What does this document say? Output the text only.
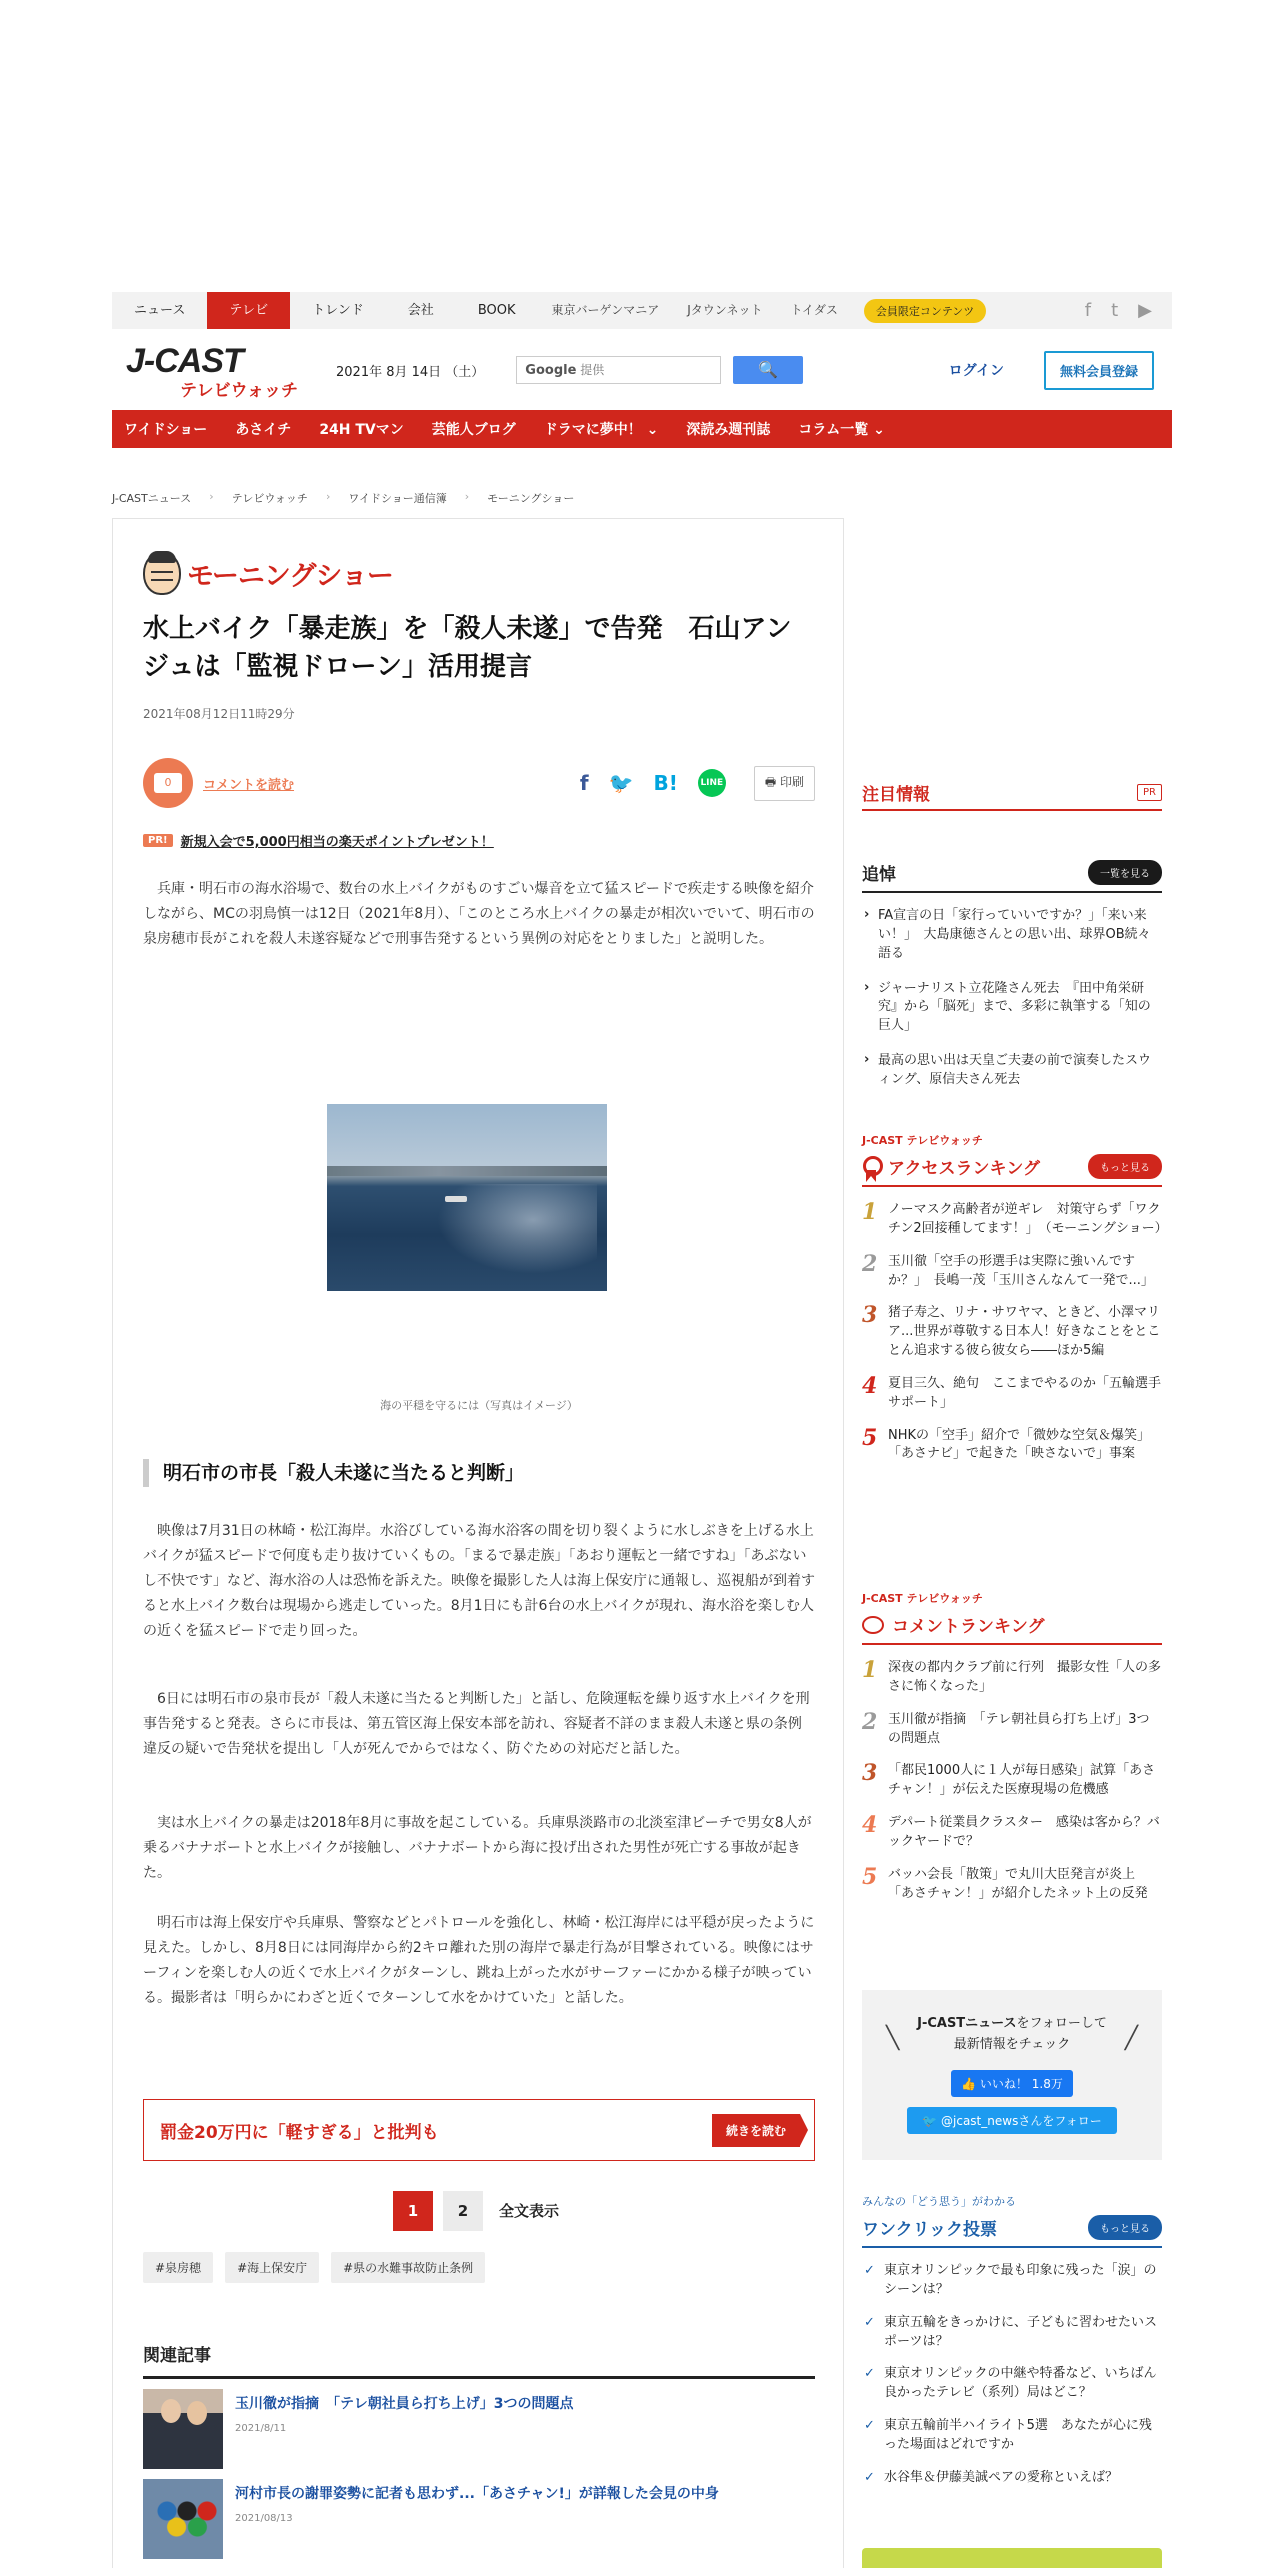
ニュース	テレビ	トレンド	会社	BOOK	東京バーゲンマニア	Jタウンネット	トイダス	会員限定コンテンツ	f t ▶
J-CAST
テレビウォッチ
2021年 8月 14日 （土）	Google 提供	🔍	ログイン	無料会員登録
ワイドショー あさイチ 24H TVマン 芸能人ブログ ドラマに夢中！ ⌄ 深読み週刊誌 コラム一覧 ⌄
J-CASTニュース › テレビウォッチ › ワイドショー通信簿 › モーニングショー
モーニングショー
水上バイク「暴走族」を「殺人未遂」で告発　石山アンジュは「監視ドローン」活用提言
2021年08月12日11時29分
0	コメントを読む	f 🐦 B!	LINE	🖶 印刷
PR!	新規入会で5,000円相当の楽天ポイントプレゼント！

兵庫・明石市の海水浴場で、数台の水上バイクがものすごい爆音を立て猛スピードで疾走する映像を紹介しながら、MCの羽鳥慎一は12日（2021年8月）、「このところ水上バイクの暴走が相次いでいて、明石市の泉房穂市長がこれを殺人未遂容疑などで刑事告発するという異例の対応をとりました」と説明した。

海の平穏を守るには（写真はイメージ）
明石市の市長「殺人未遂に当たると判断」

映像は7月31日の林崎・松江海岸。水浴びしている海水浴客の間を切り裂くように水しぶきを上げる水上バイクが猛スピードで何度も走り抜けていくもの。「まるで暴走族」「あおり運転と一緒ですね」「あぶないし不快です」など、海水浴の人は恐怖を訴えた。映像を撮影した人は海上保安庁に通報し、巡視船が到着すると水上バイク数台は現場から逃走していった。8月1日にも計6台の水上バイクが現れ、海水浴を楽しむ人の近くを猛スピードで走り回った。

6日には明石市の泉市長が「殺人未遂に当たると判断した」と話し、危険運転を繰り返す水上バイクを刑事告発すると発表。さらに市長は、第五管区海上保安本部を訪れ、容疑者不詳のまま殺人未遂と県の条例違反の疑いで告発状を提出し「人が死んでからではなく、防ぐための対応だと話した。

実は水上バイクの暴走は2018年8月に事故を起こしている。兵庫県淡路市の北淡室津ビーチで男女8人が乗るバナナボートと水上バイクが接触し、バナナボートから海に投げ出された男性が死亡する事故が起きた。

明石市は海上保安庁や兵庫県、警察などとパトロールを強化し、林崎・松江海岸には平穏が戻ったように見えた。しかし、8月8日には同海岸から約2キロ離れた別の海岸で暴走行為が目撃されている。映像にはサーフィンを楽しむ人の近くで水上バイクがターンし、跳ね上がった水がサーファーにかかる様子が映っている。撮影者は「明らかにわざと近くでターンして水をかけていた」と話した。

罰金20万円に「軽すぎる」と批判も	続きを読む
1	2	全文表示
#泉房穂	#海上保安庁	#県の水難事故防止条例
関連記事
玉川徹が指摘　「テレ朝社員ら打ち上げ」3つの問題点
2021/8/11
河村市長の謝罪姿勢に記者も思わず...「あさチャン!」が詳報した会見の中身
2021/08/13
注目情報	PR
追悼	一覧を見る
› FA宣言の日「家行っていいですか？」「来い来い！」　大島康徳さんとの思い出、球界OB続々語る
› ジャーナリスト立花隆さん死去　『田中角栄研究』から「脳死」まで、多彩に執筆する「知の巨人」
› 最高の思い出は天皇ご夫妻の前で演奏したスウィング、原信夫さん死去
J-CAST テレビウォッチ
アクセスランキング	もっと見る
1 ノーマスク高齢者が逆ギレ　対策守らず「ワクチン2回接種してます！」　（モーニングショー）
2 玉川徹「空手の形選手は実際に強いんですか？」　長嶋一茂「玉川さんなんて一発で...」
3 猪子寿之、リナ・サワヤマ、ときど、小澤マリア...世界が尊敬する日本人！好きなことをとことん追求する彼ら彼女ら――ほか5編
4 夏目三久、絶句　ここまでやるのか「五輪選手サポート」
5 NHKの「空手」紹介で「微妙な空気＆爆笑」「あさナビ」で起きた「映さないで」事案
J-CAST テレビウォッチ
コメントランキング
1 深夜の都内クラブ前に行列　撮影女性「人の多さに怖くなった」
2 玉川徹が指摘　「テレ朝社員ら打ち上げ」3つの問題点
3 「都民1000人に１人が毎日感染」試算「あさチャン！」が伝えた医療現場の危機感
4 デパート従業員クラスター　感染は客から？バックヤードで？
5 バッハ会長「散策」で丸川大臣発言が炎上　「あさチャン！」が紹介したネット上の反発
╲	╱
J-CASTニュースをフォローして
最新情報をチェック
👍 いいね！ 1.8万
🐦 @jcast_newsさんをフォロー
みんなの「どう思う」がわかる
ワンクリック投票	もっと見る
✓ 東京オリンピックで最も印象に残った「涙」のシーンは？
✓ 東京五輪をきっかけに、子どもに習わせたいスポーツは？
✓ 東京オリンピックの中継や特番など、いちばん良かったテレビ（系列）局はどこ？
✓ 東京五輪前半ハイライト5選　あなたが心に残った場面はどれですか
✓ 水谷隼＆伊藤美誠ペアの愛称といえば？
